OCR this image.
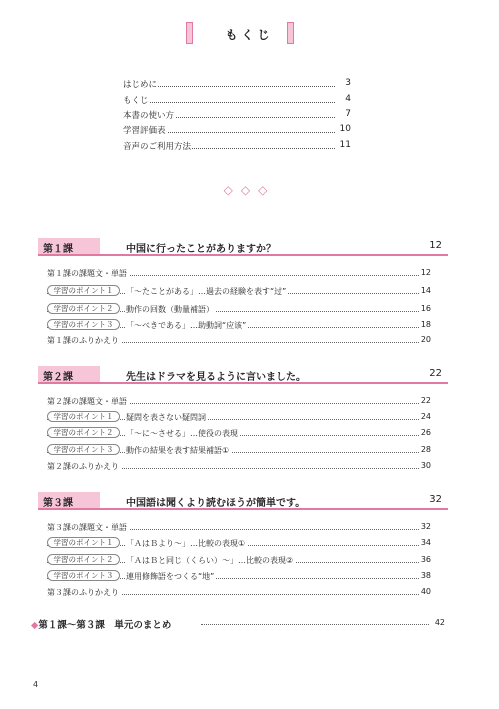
もくじ
はじめに	3
もくじ	4
本書の使い方	7
学習評価表	10
音声のご利用方法	11
◇◇◇
第１課	中国に行ったことがありますか？	12
第１課の課題文・単語	12
学習のポイント１	「～たことがある」…過去の経験を表す“过”	14
学習のポイント２	動作の回数（動量補語）	16
学習のポイント３	「～べきである」…助動詞“应该”	18
第１課のふりかえり	20
第２課	先生はドラマを見るように言いました。	22
第２課の課題文・単語	22
学習のポイント１	疑問を表さない疑問詞	24
学習のポイント２	「～に～させる」…使役の表現	26
学習のポイント３	動作の結果を表す結果補語①	28
第２課のふりかえり	30
第３課	中国語は聞くより読むほうが簡単です。	32
第３課の課題文・単語	32
学習のポイント１	「ＡはＢより～」…比較の表現①	34
学習のポイント２	「ＡはＢと同じ（くらい）～」…比較の表現②	36
学習のポイント３	連用修飾語をつくる“地”	38
第３課のふりかえり	40
◆第１課～第３課　単元のまとめ	42
4
